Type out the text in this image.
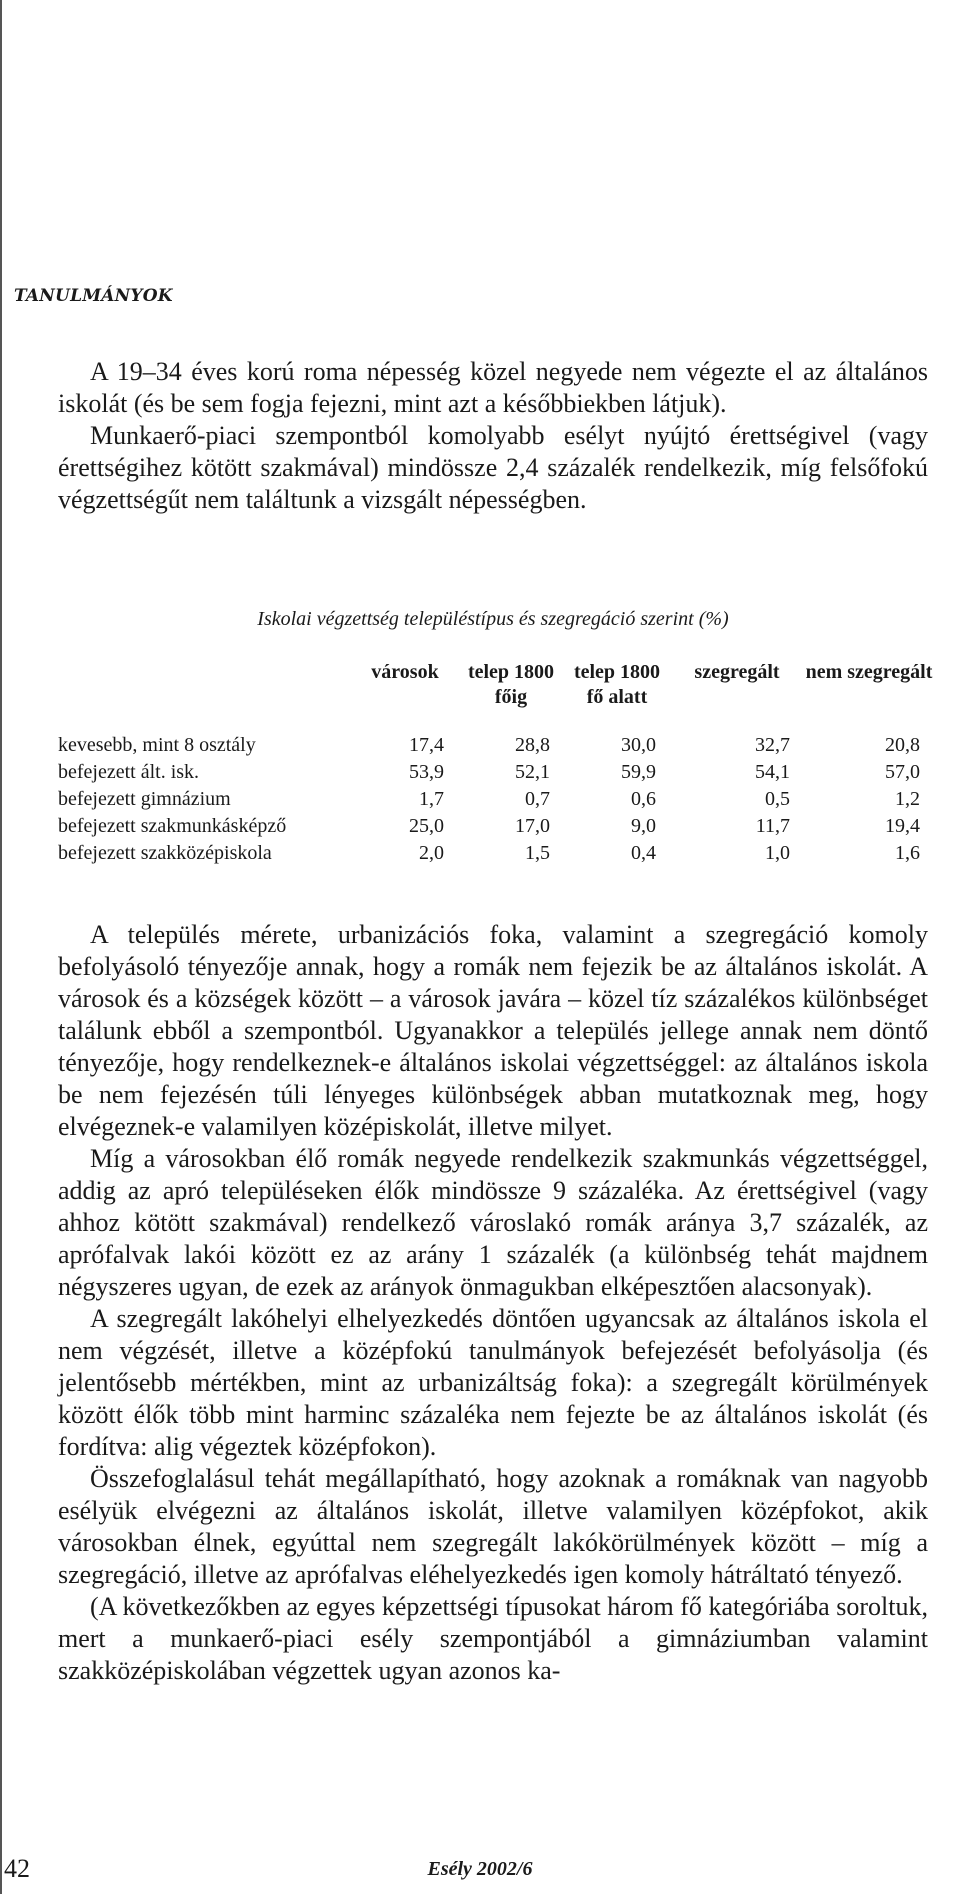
TANULMÁNYOK

A 19–34 éves korú roma népesség közel negyede nem végezte el az általános iskolát (és be sem fogja fejezni, mint azt a későbbiekben látjuk).

Munkaerő-piaci szempontból komolyabb esélyt nyújtó érettségivel (vagy érettségihez kötött szakmával) mindössze 2,4 százalék rendelkezik, míg felsőfokú végzettségűt nem találtunk a vizsgált népességben.

Iskolai végzettség településtípus és szegregáció szerint (%)
	városok	telep 1800 főig	telep 1800 fő alatt	szegregált	nem szegregált
kevesebb, mint 8 osztály	17,4	28,8	30,0	32,7	20,8
befejezett ált. isk.	53,9	52,1	59,9	54,1	57,0
befejezett gimnázium	1,7	0,7	0,6	0,5	1,2
befejezett szakmunkásképző	25,0	17,0	9,0	11,7	19,4
befejezett szakközépiskola	2,0	1,5	0,4	1,0	1,6

A település mérete, urbanizációs foka, valamint a szegregáció komoly befolyásoló tényezője annak, hogy a romák nem fejezik be az általános iskolát. A városok és a községek között – a városok javára – közel tíz százalékos különbséget találunk ebből a szempontból. Ugyanakkor a település jellege annak nem döntő tényezője, hogy rendelkeznek-e általános iskolai végzettséggel: az általános iskola be nem fejezésén túli lényeges különbségek abban mutatkoznak meg, hogy elvégeznek-e valamilyen középiskolát, illetve milyet.

Míg a városokban élő romák negyede rendelkezik szakmunkás végzettséggel, addig az apró településeken élők mindössze 9 százaléka. Az érettségivel (vagy ahhoz kötött szakmával) rendelkező városlakó romák aránya 3,7 százalék, az aprófalvak lakói között ez az arány 1 százalék (a különbség tehát majdnem négyszeres ugyan, de ezek az arányok önmagukban elképesztően alacsonyak).

A szegregált lakóhelyi elhelyezkedés döntően ugyancsak az általános iskola el nem végzését, illetve a középfokú tanulmányok befejezését befolyásolja (és jelentősebb mértékben, mint az urbanizáltság foka): a szegregált körülmények között élők több mint harminc százaléka nem fejezte be az általános iskolát (és fordítva: alig végeztek középfokon).

Összefoglalásul tehát megállapítható, hogy azoknak a romáknak van nagyobb esélyük elvégezni az általános iskolát, illetve valamilyen középfokot, akik városokban élnek, egyúttal nem szegregált lakókörülmények között – míg a szegregáció, illetve az aprófalvas eléhelyezkedés igen komoly hátráltató tényező.

(A következőkben az egyes képzettségi típusokat három fő kategóriába soroltuk, mert a munkaerő-piaci esély szempontjából a gimnáziumban valamint szakközépiskolában végzettek ugyan azonos ka-

42	Esély 2002/6
